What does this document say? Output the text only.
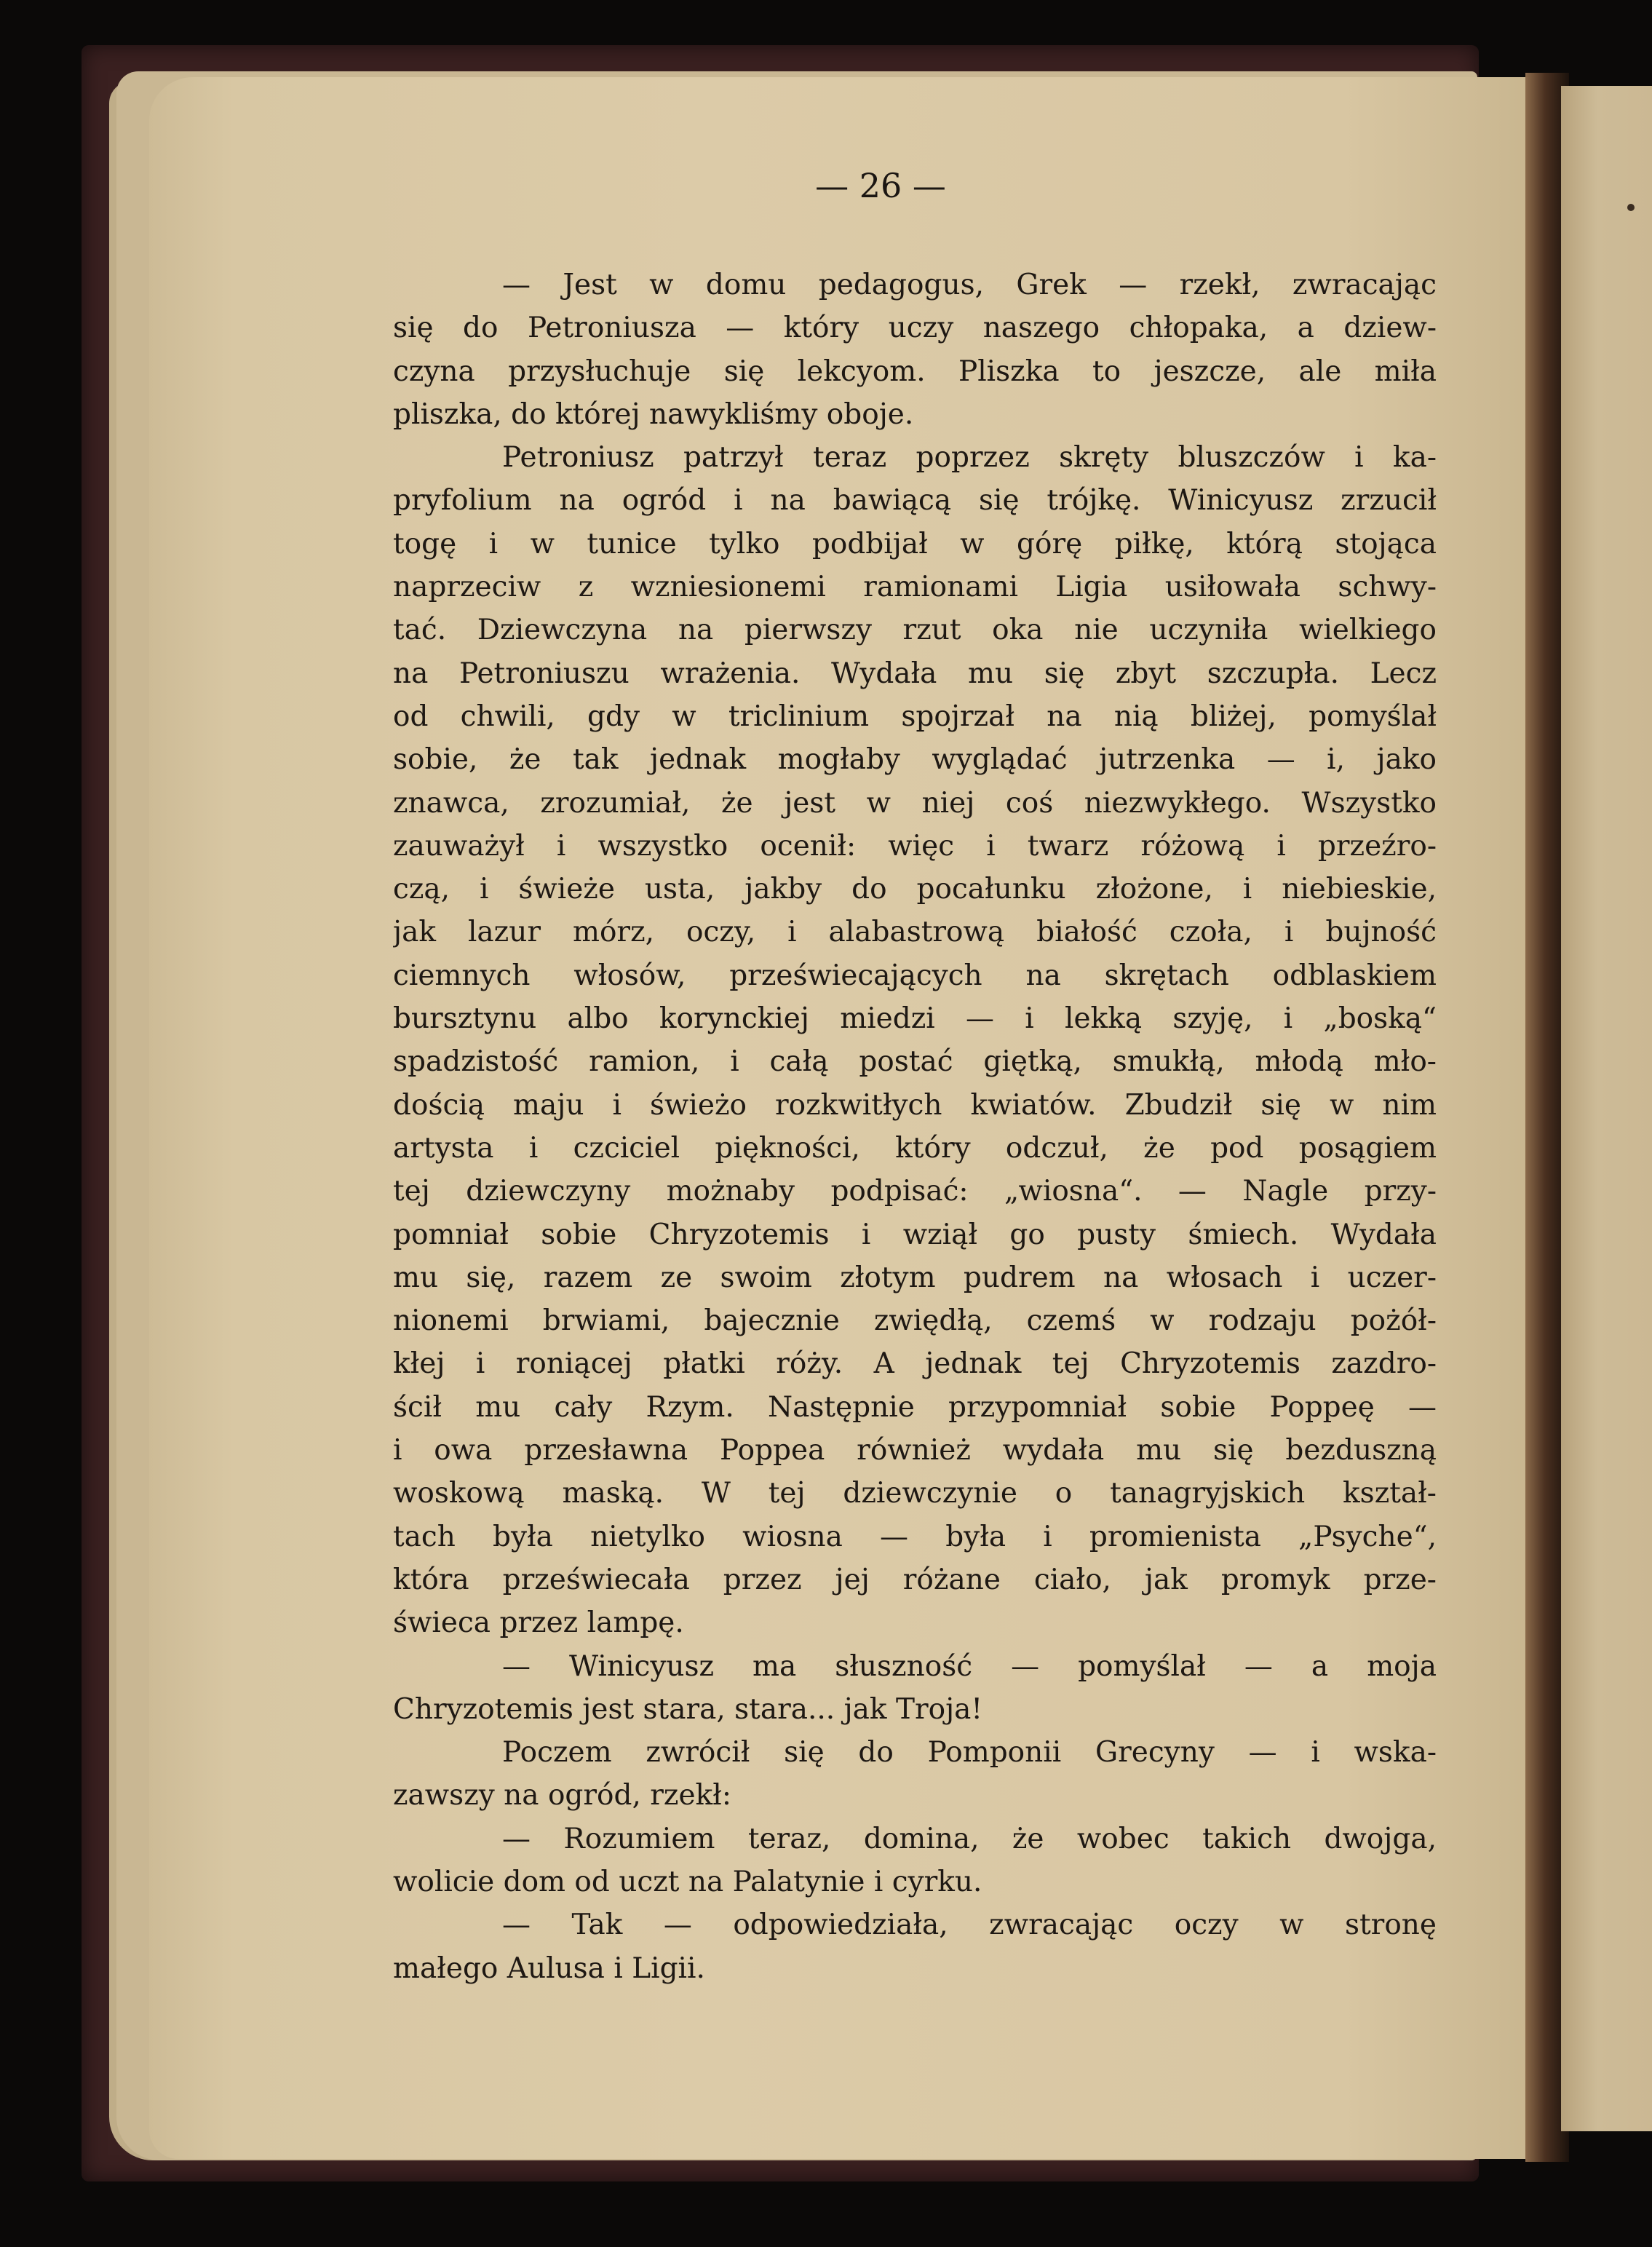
— 26 —
— Jest w domu pedagogus, Grek — rzekł, zwracając
się do Petroniusza — który uczy naszego chłopaka, a dziew-
czyna przysłuchuje się lekcyom. Pliszka to jeszcze, ale miła
pliszka, do której nawykliśmy oboje.
Petroniusz patrzył teraz poprzez skręty bluszczów i ka-
pryfolium na ogród i na bawiącą się trójkę. Winicyusz zrzucił
togę i w tunice tylko podbijał w górę piłkę, którą stojąca
naprzeciw z wzniesionemi ramionami Ligia usiłowała schwy-
tać. Dziewczyna na pierwszy rzut oka nie uczyniła wielkiego
na Petroniuszu wrażenia. Wydała mu się zbyt szczupła. Lecz
od chwili, gdy w triclinium spojrzał na nią bliżej, pomyślał
sobie, że tak jednak mogłaby wyglądać jutrzenka — i, jako
znawca, zrozumiał, że jest w niej coś niezwykłego. Wszystko
zauważył i wszystko ocenił: więc i twarz różową i przeźro-
czą, i świeże usta, jakby do pocałunku złożone, i niebieskie,
jak lazur mórz, oczy, i alabastrową białość czoła, i bujność
ciemnych włosów, przeświecających na skrętach odblaskiem
bursztynu albo korynckiej miedzi — i lekką szyję, i „boską“
spadzistość ramion, i całą postać giętką, smukłą, młodą mło-
dością maju i świeżo rozkwitłych kwiatów. Zbudził się w nim
artysta i czciciel piękności, który odczuł, że pod posągiem
tej dziewczyny możnaby podpisać: „wiosna“. — Nagle przy-
pomniał sobie Chryzotemis i wziął go pusty śmiech. Wydała
mu się, razem ze swoim złotym pudrem na włosach i uczer-
nionemi brwiami, bajecznie zwiędłą, czemś w rodzaju pożół-
kłej i roniącej płatki róży. A jednak tej Chryzotemis zazdro-
ścił mu cały Rzym. Następnie przypomniał sobie Poppeę —
i owa przesławna Poppea również wydała mu się bezduszną
woskową maską. W tej dziewczynie o tanagryjskich kształ-
tach była nietylko wiosna — była i promienista „Psyche“,
która przeświecała przez jej różane ciało, jak promyk prze-
świeca przez lampę.
— Winicyusz ma słuszność — pomyślał — a moja
Chryzotemis jest stara, stara... jak Troja!
Poczem zwrócił się do Pomponii Grecyny — i wska-
zawszy na ogród, rzekł:
— Rozumiem teraz, domina, że wobec takich dwojga,
wolicie dom od uczt na Palatynie i cyrku.
— Tak — odpowiedziała, zwracając oczy w stronę
małego Aulusa i Ligii.
